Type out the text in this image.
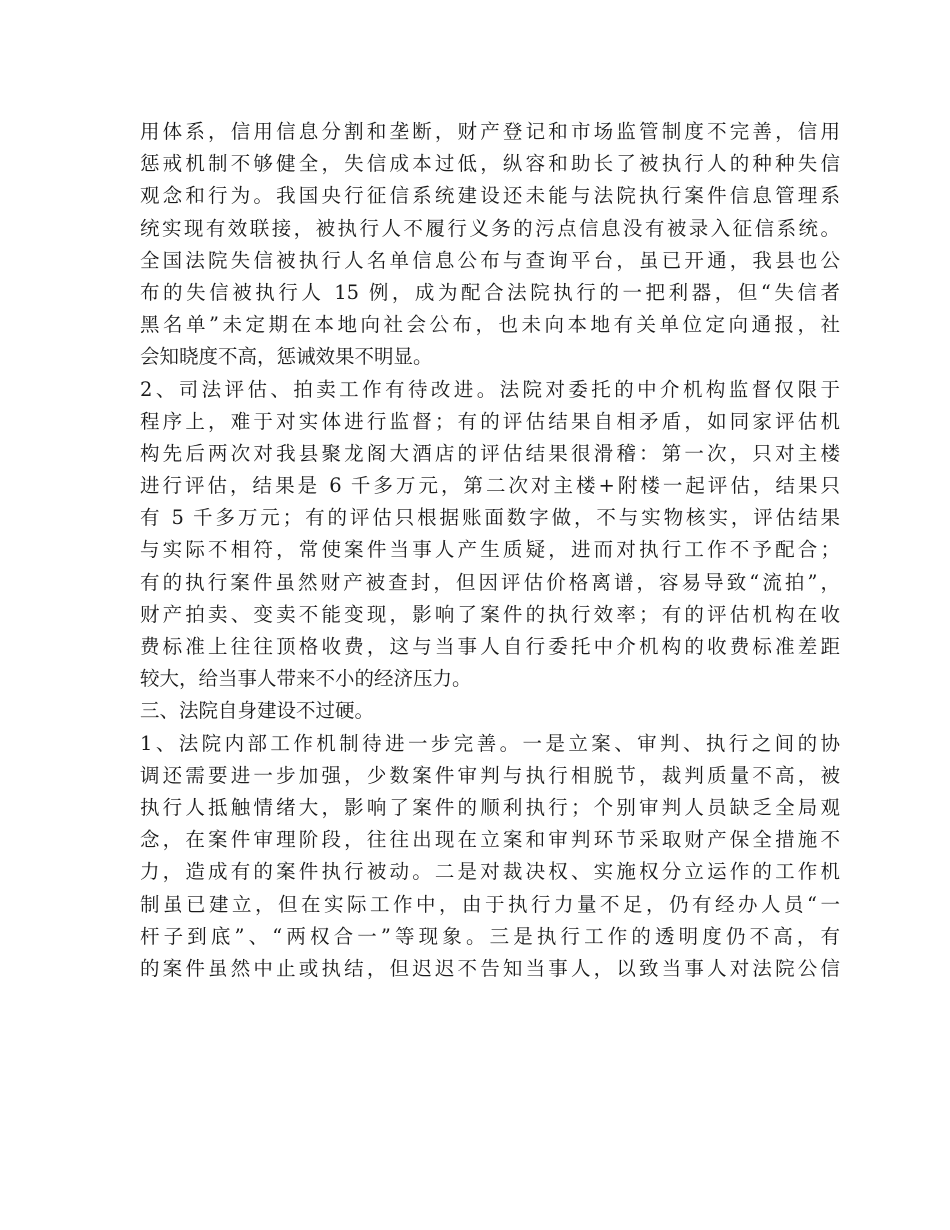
用体系，信用信息分割和垄断，财产登记和市场监管制度不完善，信用
惩戒机制不够健全，失信成本过低，纵容和助长了被执行人的种种失信
观念和行为。我国央行征信系统建设还未能与法院执行案件信息管理系
统实现有效联接，被执行人不履行义务的污点信息没有被录入征信系统。
全国法院失信被执行人名单信息公布与查询平台，虽已开通，我县也公
布的失信被执行人 15 例，成为配合法院执行的一把利器，但“失信者
黑名单”未定期在本地向社会公布，也未向本地有关单位定向通报，社
会知晓度不高，惩诫效果不明显。
2、司法评估、拍卖工作有待改进。法院对委托的中介机构监督仅限于
程序上，难于对实体进行监督；有的评估结果自相矛盾，如同家评估机
构先后两次对我县聚龙阁大酒店的评估结果很滑稽：第一次，只对主楼
进行评估，结果是 6 千多万元，第二次对主楼+附楼一起评估，结果只
有 5 千多万元；有的评估只根据账面数字做，不与实物核实，评估结果
与实际不相符，常使案件当事人产生质疑，进而对执行工作不予配合；
有的执行案件虽然财产被查封，但因评估价格离谱，容易导致“流拍”，
财产拍卖、变卖不能变现，影响了案件的执行效率；有的评估机构在收
费标准上往往顶格收费，这与当事人自行委托中介机构的收费标准差距
较大，给当事人带来不小的经济压力。
三、法院自身建设不过硬。
1、法院内部工作机制待进一步完善。一是立案、审判、执行之间的协
调还需要进一步加强，少数案件审判与执行相脱节，裁判质量不高，被
执行人抵触情绪大，影响了案件的顺利执行；个别审判人员缺乏全局观
念，在案件审理阶段，往往出现在立案和审判环节采取财产保全措施不
力，造成有的案件执行被动。二是对裁决权、实施权分立运作的工作机
制虽已建立，但在实际工作中，由于执行力量不足，仍有经办人员“一
杆子到底”、“两权合一”等现象。三是执行工作的透明度仍不高，有
的案件虽然中止或执结，但迟迟不告知当事人，以致当事人对法院公信
